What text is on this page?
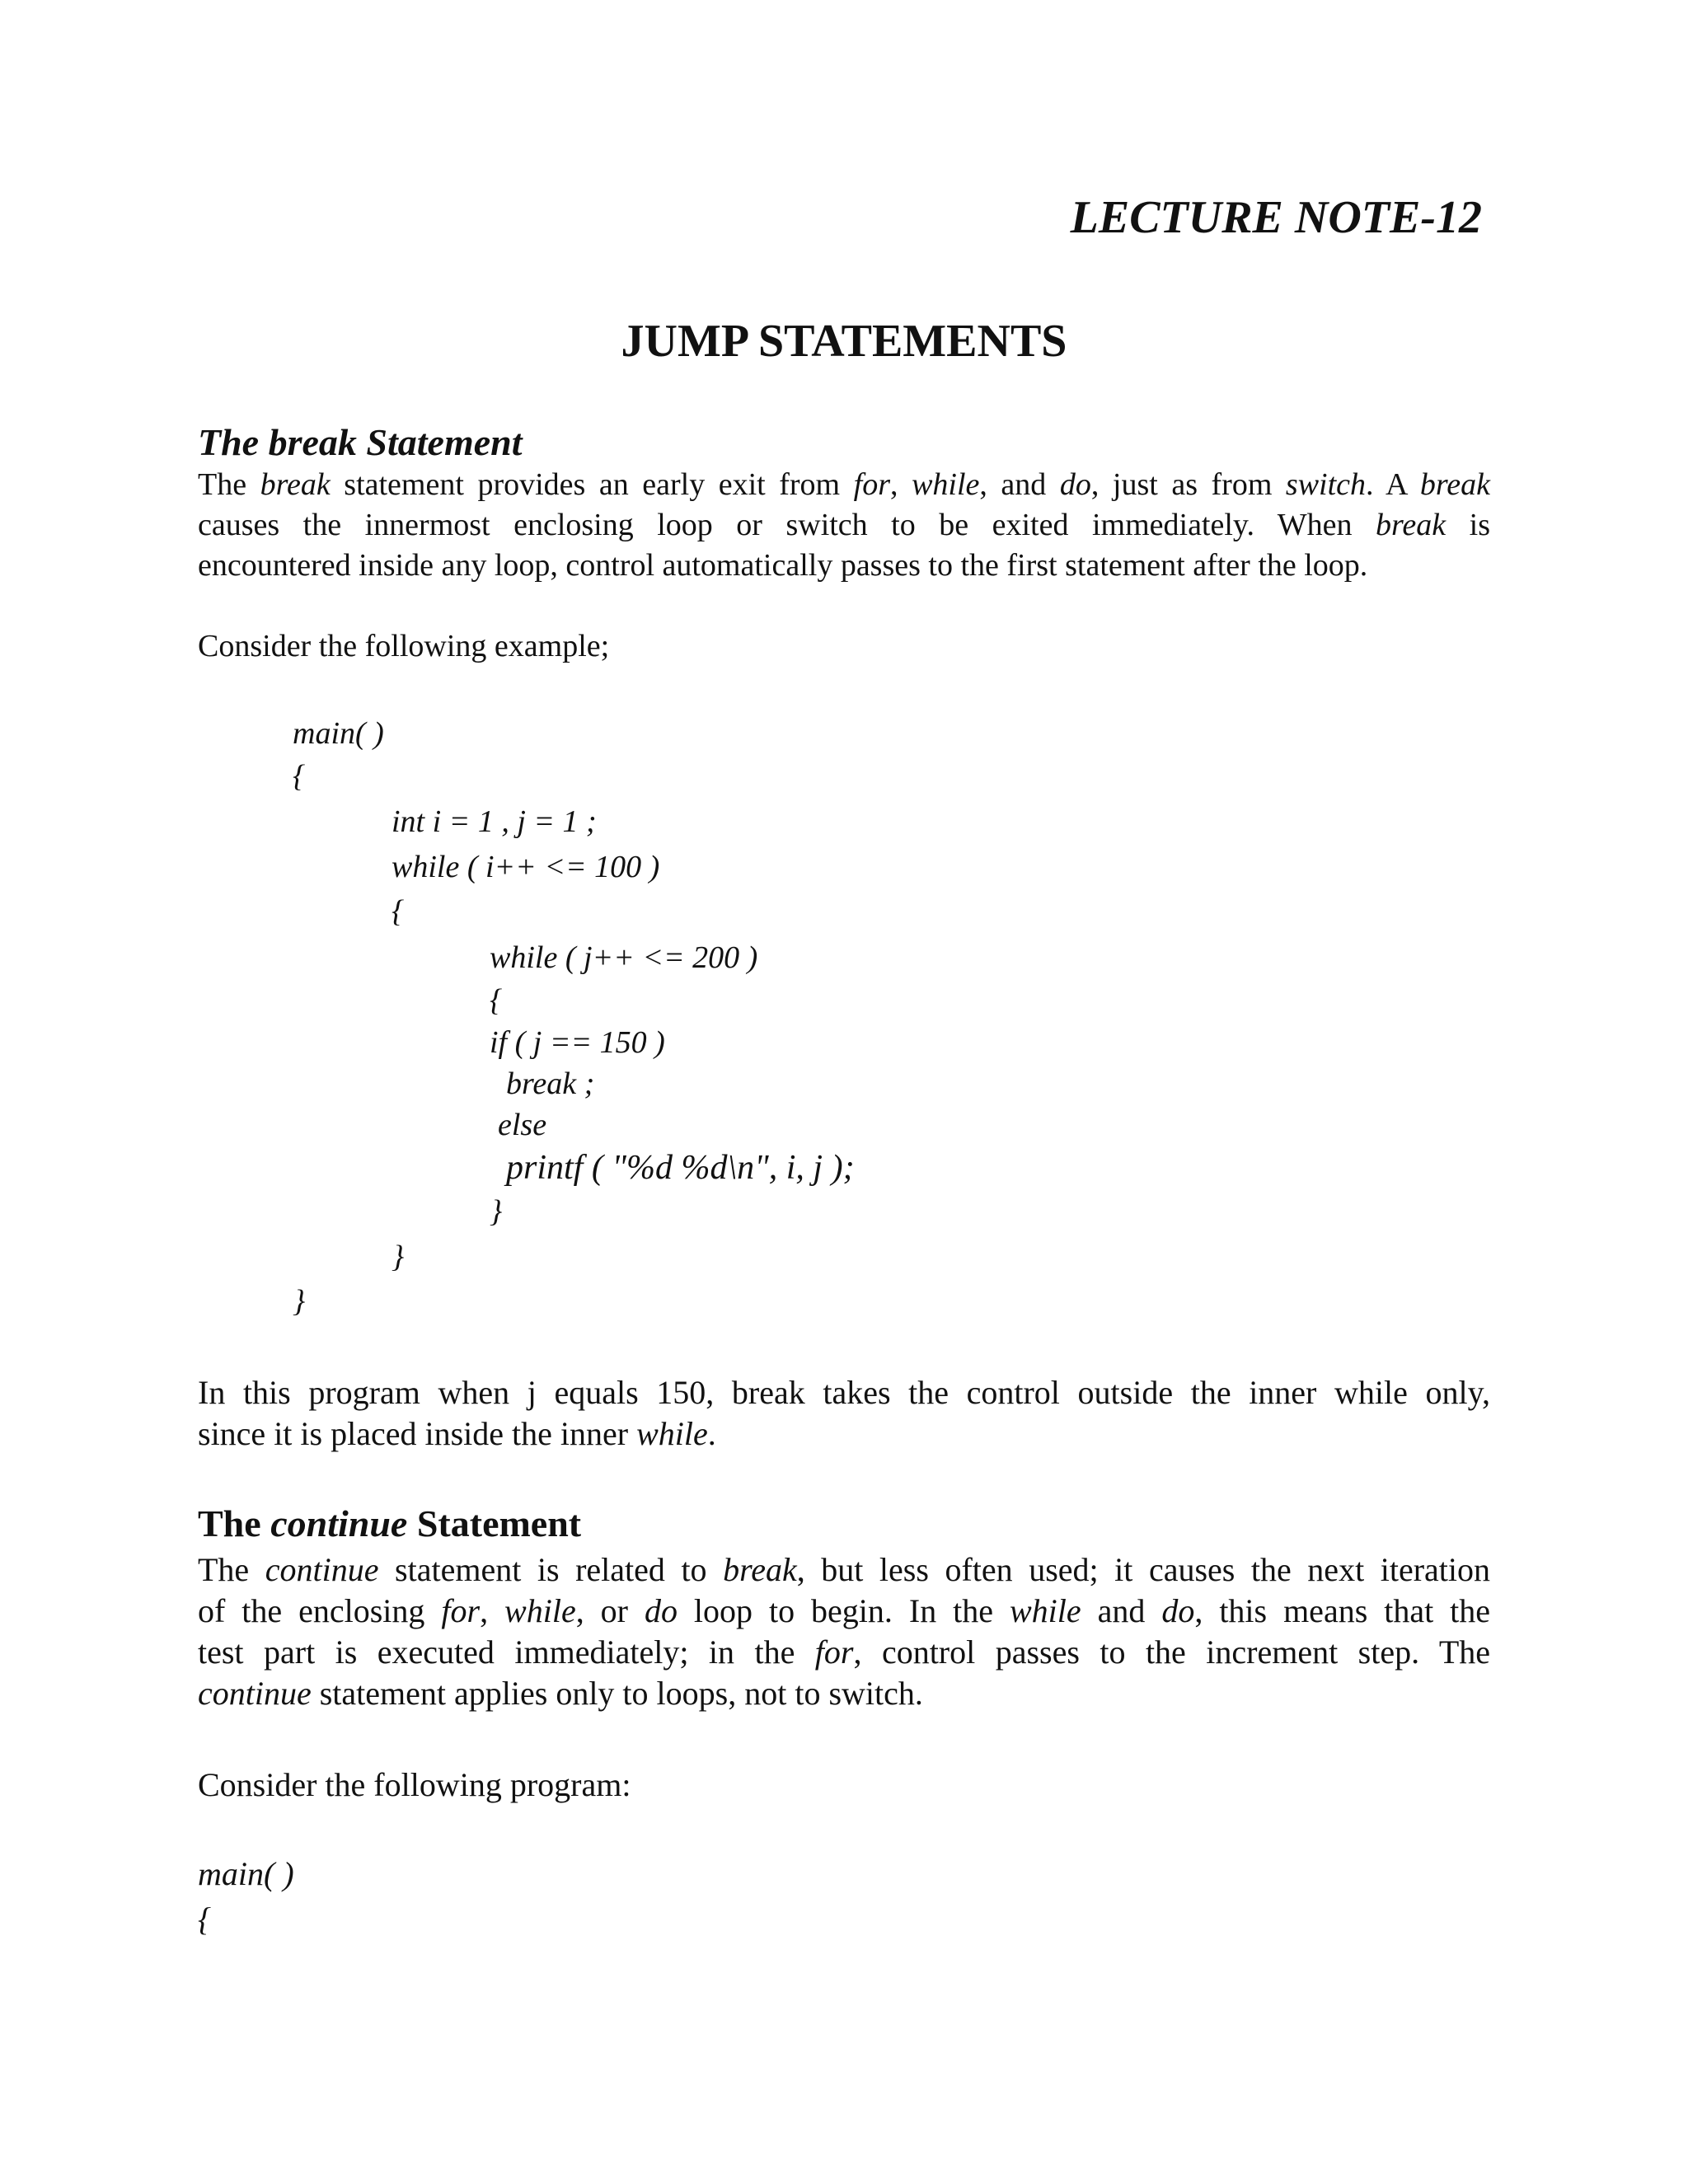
LECTURE NOTE-12
JUMP STATEMENTS
The break Statement

The break statement provides an early exit from for, while, and do, just as from switch. A break

causes the innermost enclosing loop or switch to be exited immediately. When break is

encountered inside any loop, control automatically passes to the first statement after the loop.

Consider the following example;
main( )
{
int i = 1 , j = 1 ;
while ( i++ <= 100 )
{
while ( j++ <= 200 )
{
if ( j == 150 )
break ;
else
printf ( "%d %d\n", i, j );
}
}
}

In this program when j equals 150, break takes the control outside the inner while only,

since it is placed inside the inner while.

The continue Statement

The continue statement is related to break, but less often used; it causes the next iteration

of the enclosing for, while, or do loop to begin. In the while and do, this means that the

test part is executed immediately; in the for, control passes to the increment step. The

continue statement applies only to loops, not to switch.

Consider the following program:
main( )
{
